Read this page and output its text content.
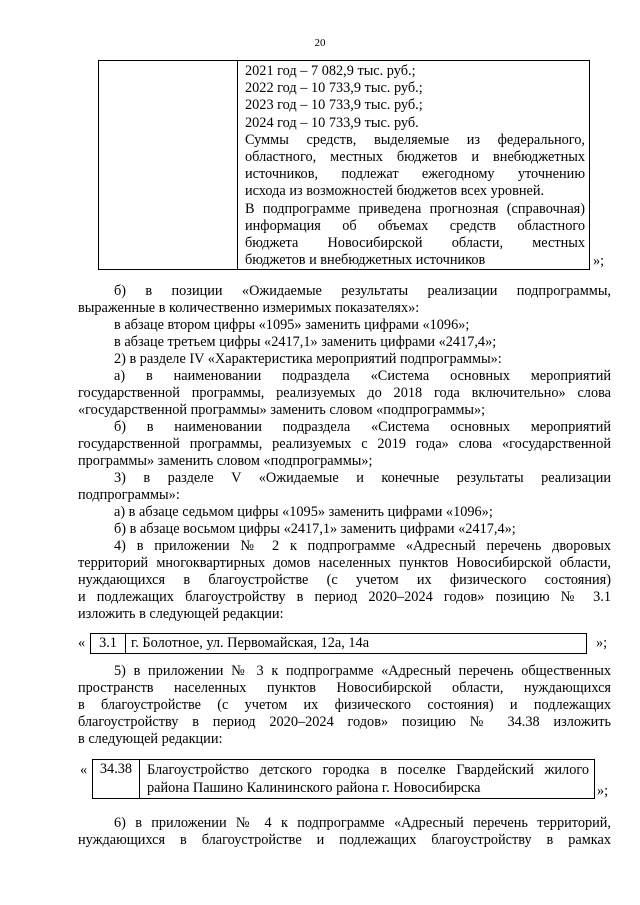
20
2021 год – 7 082,9 тыс. руб.;
2022 год – 10 733,9 тыс. руб.;
2023 год – 10 733,9 тыс. руб.;
2024 год – 10 733,9 тыс. руб.
Суммы средств, выделяемые из федерального,
областного, местных бюджетов и внебюджетных
источников, подлежат ежегодному уточнению
исхода из возможностей бюджетов всех уровней.
В подпрограмме приведена прогнозная (справочная)
информация об объемах средств областного
бюджета Новосибирской области, местных
бюджетов и внебюджетных источников	»;
б) в позиции «Ожидаемые результаты реализации подпрограммы,
выраженные в количественно измеримых показателях»:
в абзаце втором цифры «1095» заменить цифрами «1096»;
в абзаце третьем цифры «2417,1» заменить цифрами «2417,4»;
2) в разделе IV «Характеристика мероприятий подпрограммы»:
а) в наименовании подраздела «Система основных мероприятий
государственной программы, реализуемых до 2018 года включительно» слова
«государственной программы» заменить словом «подпрограммы»;
б) в наименовании подраздела «Система основных мероприятий
государственной программы, реализуемых с 2019 года» слова «государственной
программы» заменить словом «подпрограммы»;
3) в разделе V «Ожидаемые и конечные результаты реализации
подпрограммы»:
а) в абзаце седьмом цифры «1095» заменить цифрами «1096»;
б) в абзаце восьмом цифры «2417,1» заменить цифрами «2417,4»;
4) в приложении № 2 к подпрограмме «Адресный перечень дворовых
территорий многоквартирных домов населенных пунктов Новосибирской области,
нуждающихся в благоустройстве (с учетом их физического состояния)
и подлежащих благоустройству в период 2020–2024 годов» позицию № 3.1
изложить в следующей редакции:
« 3.1 г. Болотное, ул. Первомайская, 12а, 14а	»;
5) в приложении № 3 к подпрограмме «Адресный перечень общественных
пространств населенных пунктов Новосибирской области, нуждающихся
в благоустройстве (с учетом их физического состояния) и подлежащих
благоустройству в период 2020–2024 годов» позицию № 34.38 изложить
в следующей редакции:
« 34.38	Благоустройство детского городка в поселке Гвардейский жилого
района Пашино Калининского района г. Новосибирска	»;
6) в приложении № 4 к подпрограмме «Адресный перечень территорий,
нуждающихся в благоустройстве и подлежащих благоустройству в рамках
